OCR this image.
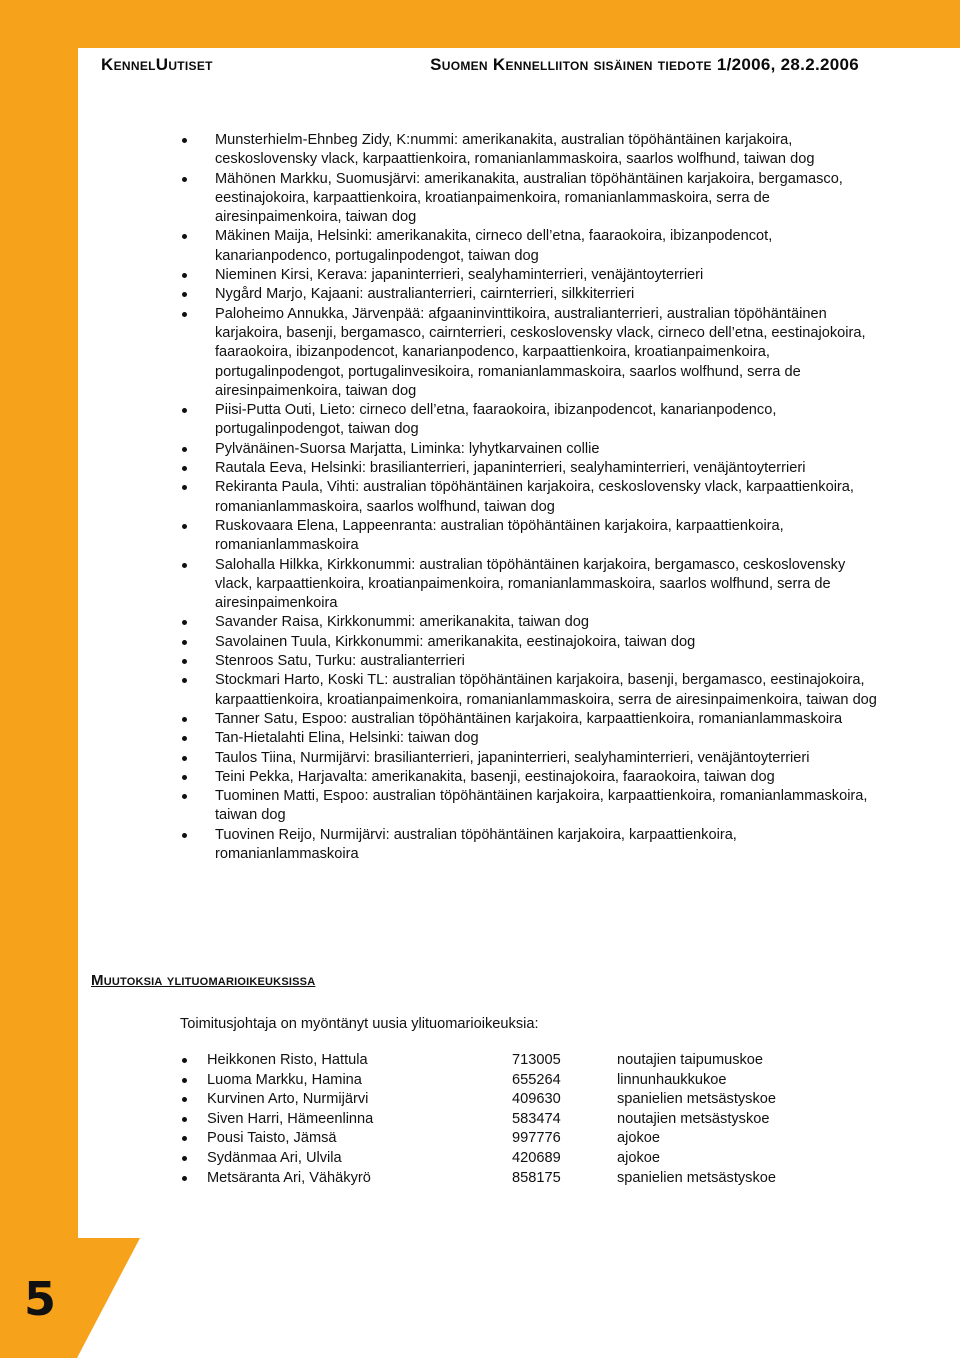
5
KennelUutiset	Suomen Kennelliiton sisäinen tiedote 1/2006, 28.2.2006
Munsterhielm-Ehnbeg Zidy, K:nummi: amerikanakita, australian töpöhäntäinen karjakoira, ceskoslovensky vlack, karpaattienkoira, romanianlammaskoira, saarlos wolfhund, taiwan dog
Mähönen Markku, Suomusjärvi: amerikanakita, australian töpöhäntäinen karjakoira, bergamasco, eestinajokoira, karpaattienkoira, kroatianpaimenkoira, romanianlammaskoira, serra de airesinpaimenkoira, taiwan dog
Mäkinen Maija, Helsinki: amerikanakita, cirneco dell’etna, faaraokoira, ibizanpodencot, kanarianpodenco, portugalinpodengot, taiwan dog
Nieminen Kirsi, Kerava: japaninterrieri, sealyhaminterrieri, venäjäntoyterrieri
Nygård Marjo, Kajaani: australianterrieri, cairnterrieri, silkkiterrieri
Paloheimo Annukka, Järvenpää: afgaaninvinttikoira, australianterrieri, australian töpöhäntäinen karjakoira, basenji, bergamasco, cairnterrieri, ceskoslovensky vlack, cirneco dell’etna, eestinajokoira, faaraokoira, ibizanpodencot, kanarianpodenco, karpaattienkoira, kroatianpaimenkoira, portugalinpodengot, portugalinvesikoira, romanianlammaskoira, saarlos wolfhund, serra de airesinpaimenkoira, taiwan dog
Piisi-Putta Outi, Lieto: cirneco dell’etna, faaraokoira, ibizanpodencot, kanarianpodenco, portugalinpodengot, taiwan dog
Pylvänäinen-Suorsa Marjatta, Liminka: lyhytkarvainen collie
Rautala Eeva, Helsinki: brasilianterrieri, japaninterrieri, sealyhaminterrieri, venäjäntoyterrieri
Rekiranta Paula, Vihti: australian töpöhäntäinen karjakoira, ceskoslovensky vlack, karpaattienkoira, romanianlammaskoira, saarlos wolfhund, taiwan dog
Ruskovaara Elena, Lappeenranta: australian töpöhäntäinen karjakoira, karpaattienkoira, romanianlammaskoira
Salohalla Hilkka, Kirkkonummi: australian töpöhäntäinen karjakoira, bergamasco, ceskoslovensky vlack, karpaattienkoira, kroatianpaimenkoira, romanianlammaskoira, saarlos wolfhund, serra de airesinpaimenkoira
Savander Raisa, Kirkkonummi: amerikanakita, taiwan dog
Savolainen Tuula, Kirkkonummi: amerikanakita, eestinajokoira, taiwan dog
Stenroos Satu, Turku: australianterrieri
Stockmari Harto, Koski TL: australian töpöhäntäinen karjakoira, basenji, bergamasco, eestinajokoira, karpaattienkoira, kroatianpaimenkoira, romanianlammaskoira, serra de airesinpaimenkoira, taiwan dog
Tanner Satu, Espoo: australian töpöhäntäinen karjakoira, karpaattienkoira, romanianlammaskoira
Tan-Hietalahti Elina, Helsinki: taiwan dog
Taulos Tiina, Nurmijärvi: brasilianterrieri, japaninterrieri, sealyhaminterrieri, venäjäntoyterrieri
Teini Pekka, Harjavalta: amerikanakita, basenji, eestinajokoira, faaraokoira, taiwan dog
Tuominen Matti, Espoo: australian töpöhäntäinen karjakoira, karpaattienkoira, romanianlammaskoira, taiwan dog
Tuovinen Reijo, Nurmijärvi: australian töpöhäntäinen karjakoira, karpaattienkoira, romanianlammaskoira
Muutoksia ylituomarioikeuksissa
Toimitusjohtaja on myöntänyt uusia ylituomarioikeuksia:
Heikkonen Risto, Hattula	713005	noutajien taipumuskoe
Luoma Markku, Hamina	655264	linnunhaukkukoe
Kurvinen Arto, Nurmijärvi	409630	spanielien metsästyskoe
Siven Harri, Hämeenlinna	583474	noutajien metsästyskoe
Pousi Taisto, Jämsä	997776	ajokoe
Sydänmaa Ari, Ulvila	420689	ajokoe
Metsäranta Ari, Vähäkyrö	858175	spanielien metsästyskoe
